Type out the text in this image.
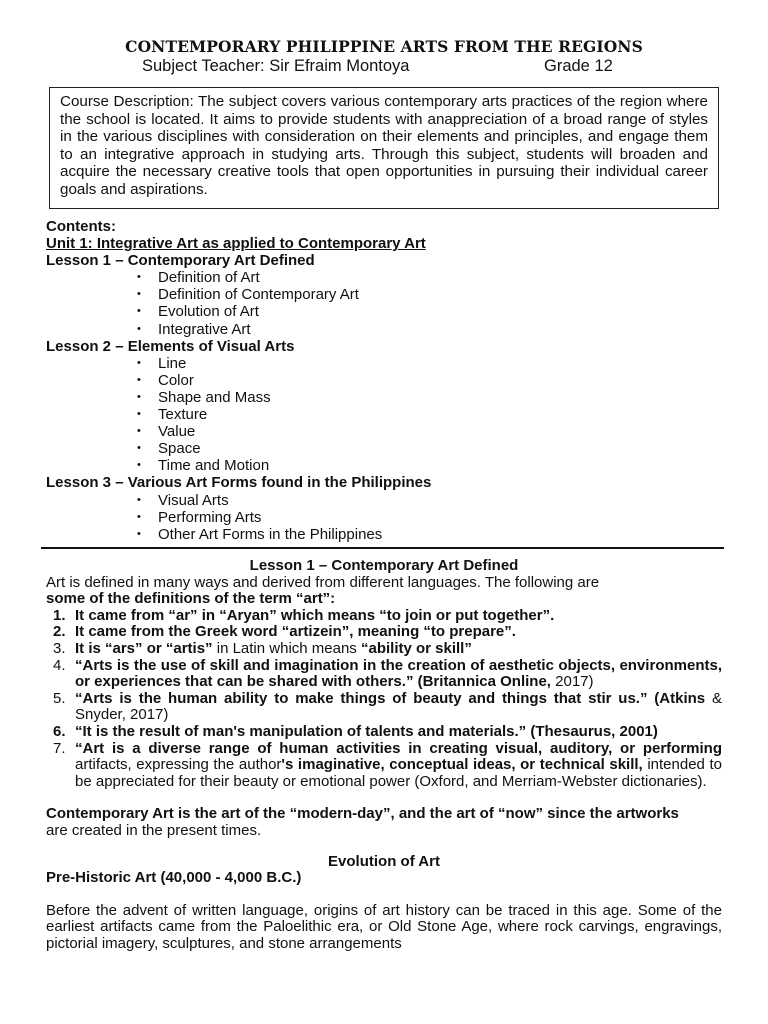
CONTEMPORARY PHILIPPINE ARTS FROM THE REGIONS
Subject Teacher: Sir Efraim Montoya	Grade 12

Course Description: The subject covers various contemporary arts practices of the region where the school is located. It aims to provide students with anappreciation of a broad range of styles in the various disciplines with consideration on their elements and principles, and engage them to an integrative approach in studying arts. Through this subject, students will broaden and acquire the necessary creative tools that open opportunities in pursuing their individual career goals and aspirations.

Contents:
Unit 1: Integrative Art as applied to Contemporary Art
Lesson 1 – Contemporary Art Defined
• Definition of Art
• Definition of Contemporary Art
• Evolution of Art
• Integrative Art
Lesson 2 – Elements of Visual Arts
• Line
• Color
• Shape and Mass
• Texture
• Value
• Space
• Time and Motion
Lesson 3 – Various Art Forms found in the Philippines
• Visual Arts
• Performing Arts
• Other Art Forms in the Philippines

Lesson 1 – Contemporary Art Defined

Art is defined in many ways and derived from different languages. The following are
some of the definitions of the term “art”:

1. It came from “ar” in “Aryan” which means “to join or put together”.
2. It came from the Greek word “artizein”, meaning “to prepare”.
3. It is “ars” or “artis” in Latin which means “ability or skill”
4. “Arts is the use of skill and imagination in the creation of aesthetic objects, environments, or experiences that can be shared with others.” (Britannica Online, 2017)
5. “Arts is the human ability to make things of beauty and things that stir us.” (Atkins & Snyder, 2017)
6. “It is the result of man's manipulation of talents and materials.” (Thesaurus, 2001)
7. “Art is a diverse range of human activities in creating visual, auditory, or performing artifacts, expressing the author's imaginative, conceptual ideas, or technical skill, intended to be appreciated for their beauty or emotional power (Oxford, and Merriam-Webster dictionaries).

Contemporary Art is the art of the “modern-day”, and the art of “now” since the artworks
are created in the present times.

Evolution of Art

Pre-Historic Art (40,000 - 4,000 B.C.)

Before the advent of written language, origins of art history can be traced in this age. Some of the earliest artifacts came from the Paloelithic era, or Old Stone Age, where rock carvings, engravings, pictorial imagery, sculptures, and stone arrangements
